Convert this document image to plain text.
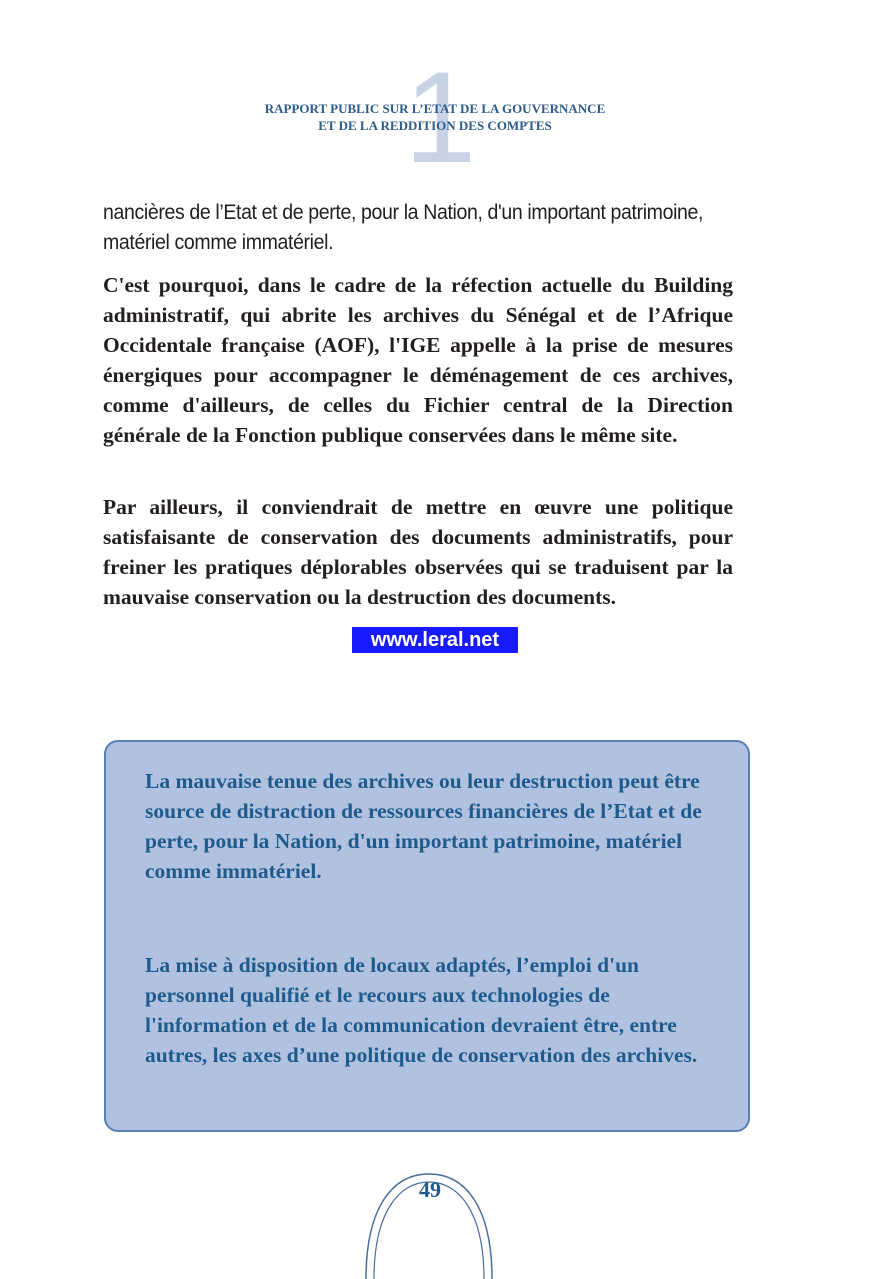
1
RAPPORT PUBLIC SUR L’ETAT DE LA GOUVERNANCE
ET DE LA REDDITION DES COMPTES
nancières de l’Etat et de perte, pour la Nation, d'un important patrimoine, matériel comme immatériel.
C'est pourquoi, dans le cadre de la réfection actuelle du Building administratif, qui abrite les archives du Sénégal et de l’Afrique Occidentale française (AOF), l'IGE appelle à la prise de mesures énergiques pour accompagner le déménagement de ces archives, comme d'ailleurs, de celles du Fichier central de la Direction générale de la Fonction publique conservées dans le même site.
Par ailleurs, il conviendrait de mettre en œuvre une politique satisfaisante de conservation des documents administratifs, pour freiner les pratiques déplorables observées qui se traduisent par la mauvaise conservation ou la destruction des documents.
www.leral.net
La mauvaise tenue des archives ou leur destruction peut être source de distraction de ressources financières de l’Etat et de perte, pour la Nation, d'un important patrimoine, matériel comme immatériel.
La mise à disposition de locaux adaptés, l’emploi d'un personnel qualifié et le recours aux technologies de l'information et de la communication devraient être, entre autres, les axes d’une politique de conservation des archives.
49
